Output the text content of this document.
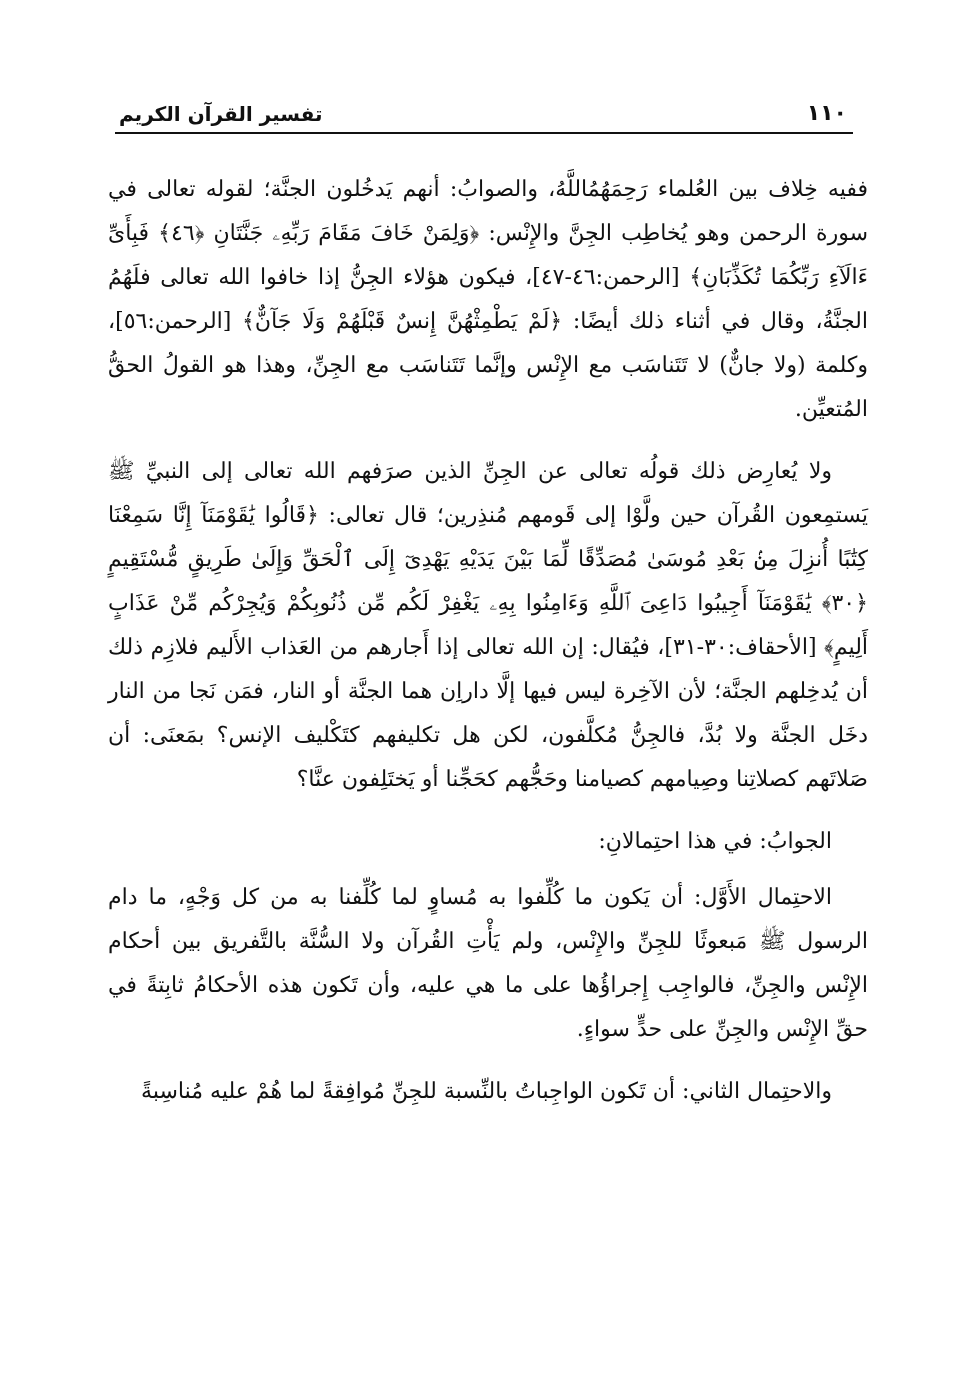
تفسير القرآن الكريم	١١٠

ففيه خِلاف بين العُلماء رَحِمَهُمُاللَّهُ، والصوابُ: أنهم يَدخُلون الجنَّة؛ لقوله تعالى في سورة الرحمن وهو يُخاطِب الجِنَّ والإِنْس: ﴿وَلِمَنْ خَافَ مَقَامَ رَبِّهِۦ جَنَّتَانِ ﴿٤٦﴾ فَبِأَىِّ ءَالَآءِ رَبِّكُمَا تُكَذِّبَانِ﴾ [الرحمن:٤٦-٤٧]، فيكون هؤلاء الجِنُّ إذا خافوا الله تعالى فلَهُمُ الجنَّةُ، وقال في أثناء ذلك أيضًا: ﴿لَمْ يَطْمِثْهُنَّ إِنسٌ قَبْلَهُمْ وَلَا جَآنٌّ﴾ [الرحمن:٥٦]، وكلمة (ولا جانٌّ) لا تَتَناسَب مع الإِنْس وإنَّما تَتَناسَب مع الجِنِّ، وهذا هو القولُ الحقُّ المُتعيِّن.

ولا يُعارِض ذلك قولُه تعالى عن الجِنِّ الذين صرَفهم الله تعالى إلى النبيِّ ﷺ يَستمِعون القُرآن حين ولَّوْا إلى قَومهم مُنذِرين؛ قال تعالى: ﴿قَالُوا يَٰقَوْمَنَآ إِنَّا سَمِعْنَا كِتَٰبًا أُنزِلَ مِنۢ بَعْدِ مُوسَىٰ مُصَدِّقًا لِّمَا بَيْنَ يَدَيْهِ يَهْدِىٓ إِلَى ٱلْحَقِّ وَإِلَىٰ طَرِيقٍ مُّسْتَقِيمٍ ﴿٣٠﴾ يَٰقَوْمَنَآ أَجِيبُوا دَاعِىَ ٱللَّهِ وَءَامِنُوا بِهِۦ يَغْفِرْ لَكُم مِّن ذُنُوبِكُمْ وَيُجِرْكُم مِّنْ عَذَابٍ أَلِيمٍ﴾ [الأحقاف:٣٠-٣١]، فيُقال: إن الله تعالى إذا أَجارهم من العَذاب الأَليم فلازِم ذلك أن يُدخِلهم الجنَّة؛ لأن الآخِرة ليس فيها إلَّا داراِن هما الجنَّة أو النار، فمَن نَجا من النار دخَل الجنَّة ولا بُدَّ، فالجِنُّ مُكلَّفون، لكن هل تكليفهم كتَكْليف الإنس؟ بمَعنَى: أن صَلاتَهم كصلاتِنا وصِيامهم كصيامنا وحَجُّهم كحَجِّنا أو يَختَلِفون عنَّا؟

الجوابُ: في هذا احتِمالانِ:

الاحتِمال الأَوَّل: أن يَكون ما كُلِّفوا به مُساوٍ لما كُلِّفنا به من كل وَجْهٍ، ما دام الرسول ﷺ مَبعوثًا للجِنِّ والإِنْس، ولم يَأْتِ القُرآن ولا السُّنَّة بالتَّفريق بين أحكام الإِنْس والجِنِّ، فالواجِب إِجراؤُها على ما هي عليه، وأن تَكون هذه الأحكامُ ثابِتةً في حقِّ الإِنْس والجِنِّ على حدٍّ سواءٍ.

والاحتِمال الثاني: أن تَكون الواجِباتُ بالنِّسبة للجِنِّ مُوافِقةً لما هُمْ عليه مُناسِبةً
